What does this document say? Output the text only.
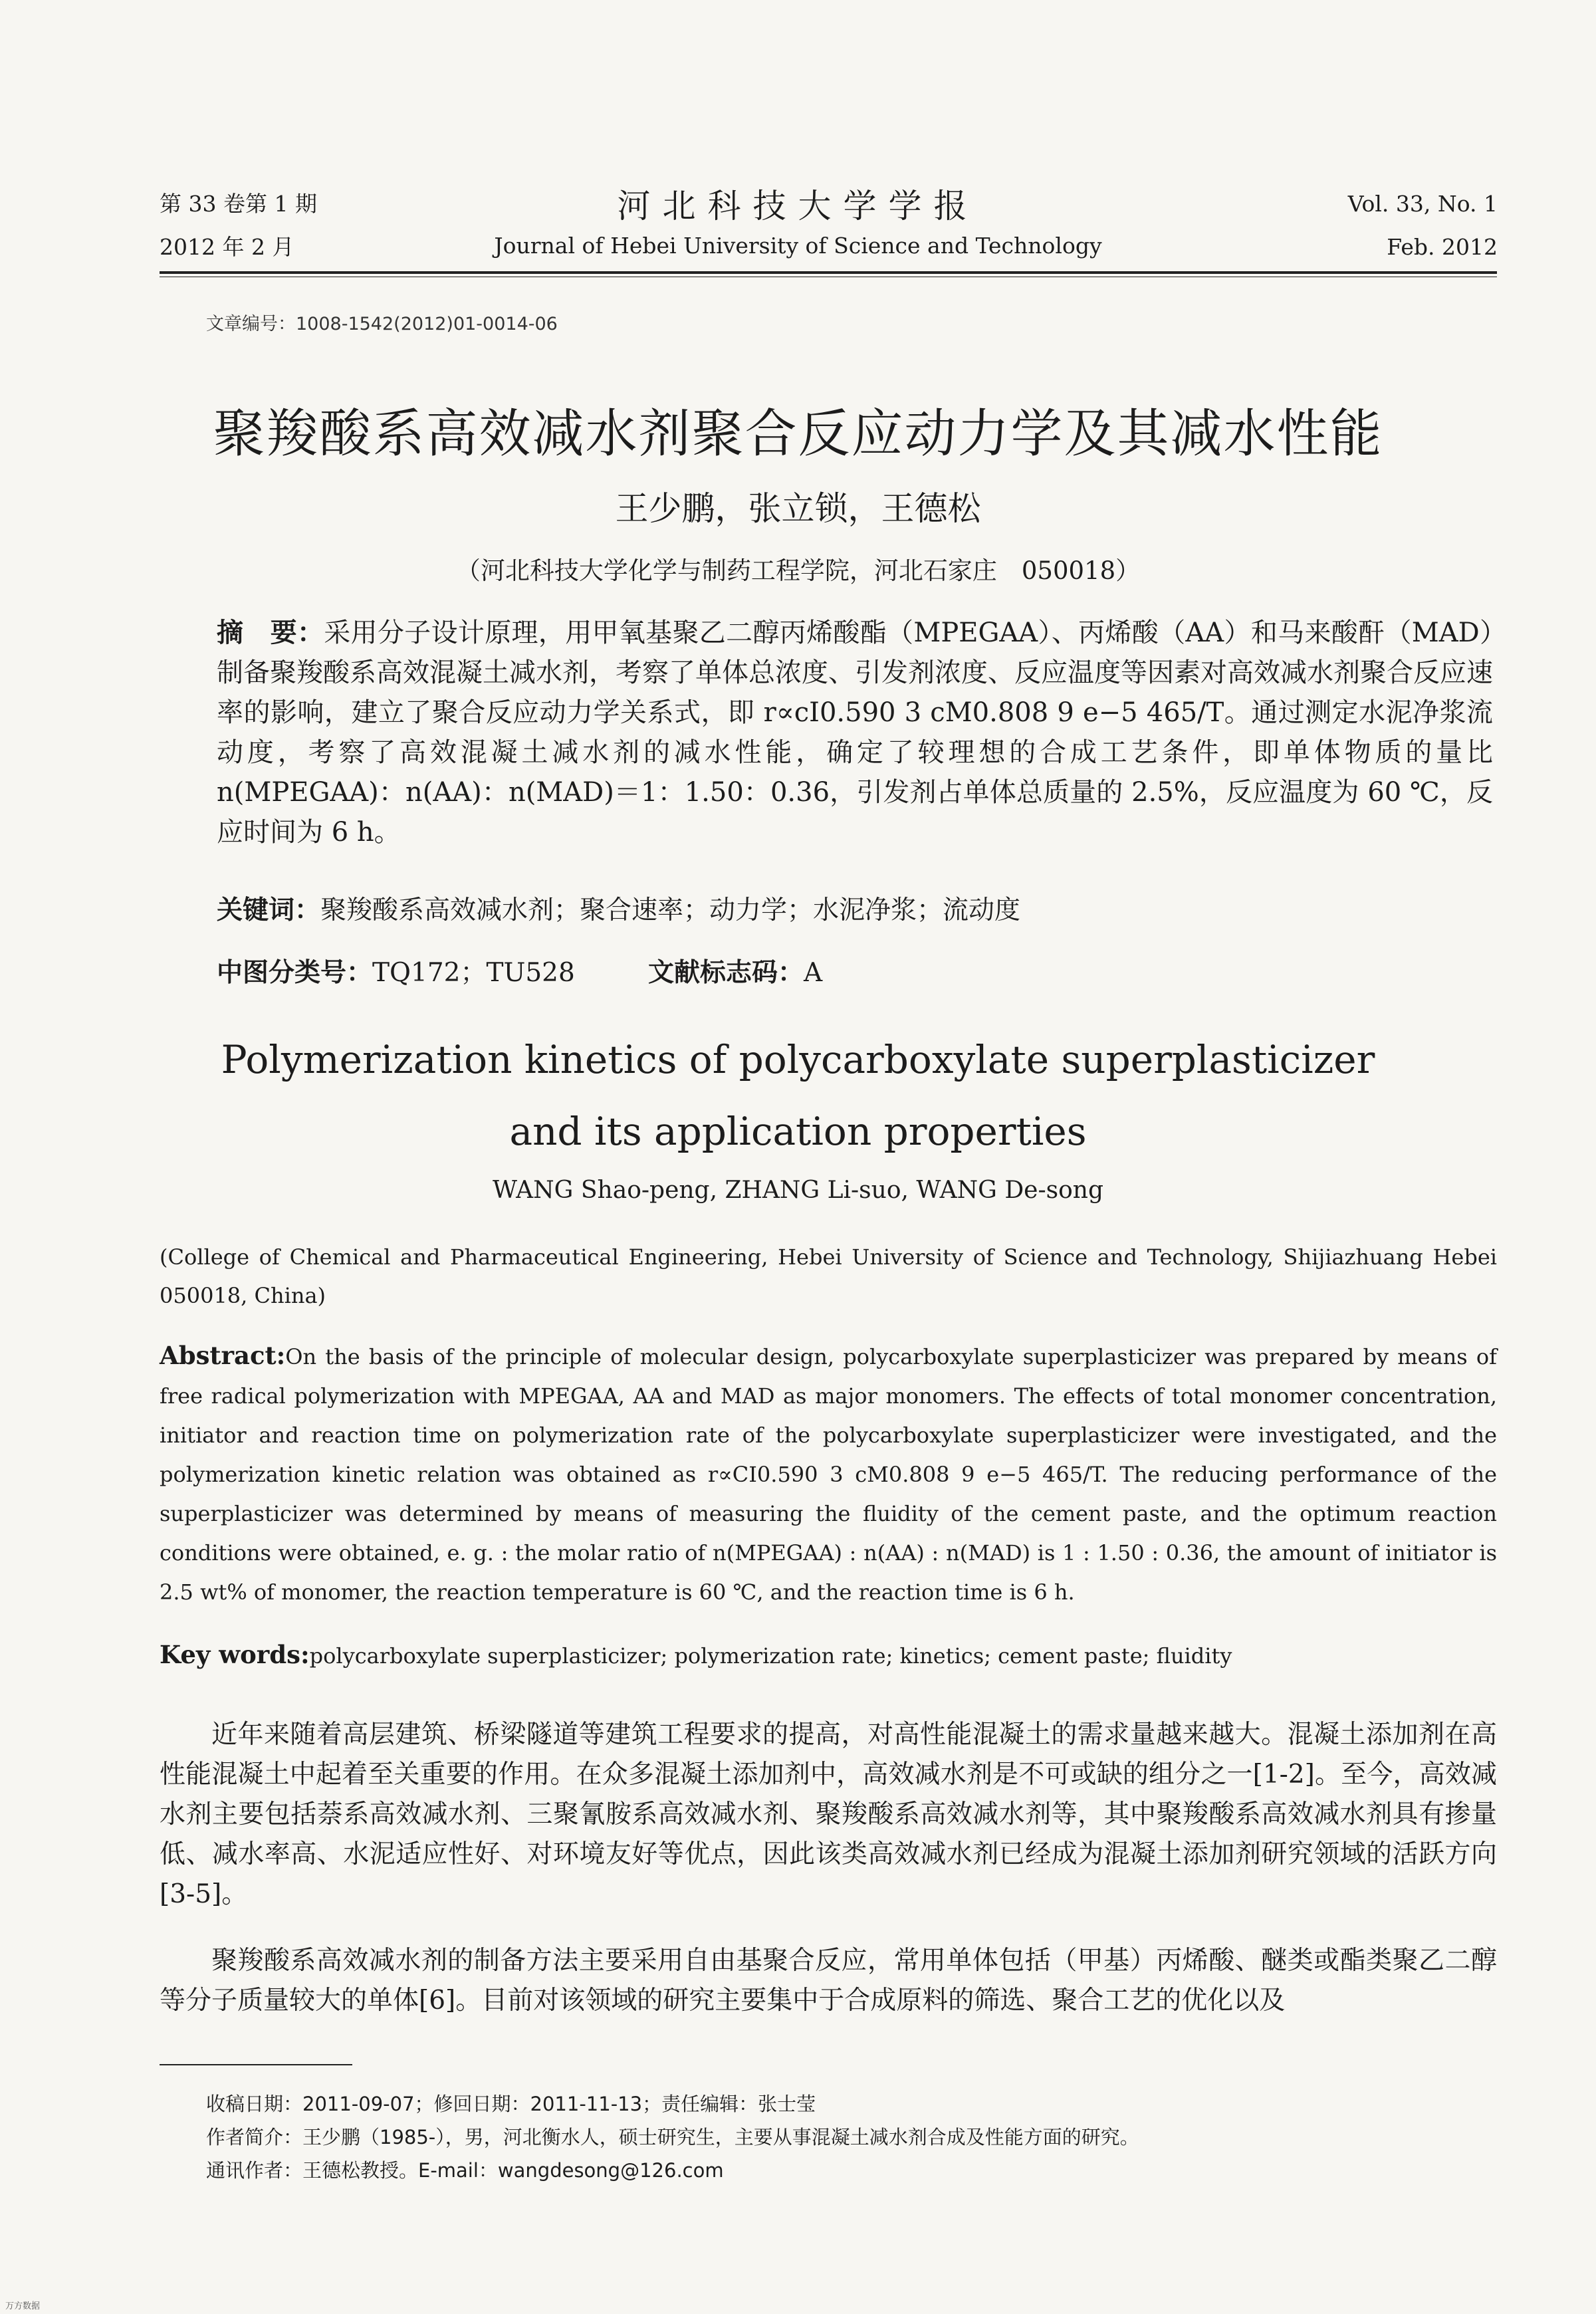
第 33 卷第 1 期
2012 年 2 月
河北科技大学学报
Journal of Hebei University of Science and Technology
Vol. 33, No. 1
Feb. 2012
文章编号：1008-1542(2012)01-0014-06
聚羧酸系高效减水剂聚合反应动力学及其减水性能
王少鹏，张立锁，王德松
（河北科技大学化学与制药工程学院，河北石家庄　050018）
摘　要：采用分子设计原理，用甲氧基聚乙二醇丙烯酸酯（MPEGAA）、丙烯酸（AA）和马来酸酐（MAD）制备聚羧酸系高效混凝土减水剂，考察了单体总浓度、引发剂浓度、反应温度等因素对高效减水剂聚合反应速率的影响，建立了聚合反应动力学关系式，即 r∝cI0.590 3 cM0.808 9 e−5 465/T。通过测定水泥净浆流动度，考察了高效混凝土减水剂的减水性能，确定了较理想的合成工艺条件，即单体物质的量比 n(MPEGAA)：n(AA)：n(MAD)＝1：1.50：0.36，引发剂占单体总质量的 2.5%，反应温度为 60 ℃，反应时间为 6 h。
关键词：聚羧酸系高效减水剂；聚合速率；动力学；水泥净浆；流动度
中图分类号：TQ172；TU528	文献标志码：A
Polymerization kinetics of polycarboxylate superplasticizer
and its application properties
WANG Shao-peng, ZHANG Li-suo, WANG De-song
(College of Chemical and Pharmaceutical Engineering, Hebei University of Science and Technology, Shijiazhuang Hebei 050018, China)
Abstract:On the basis of the principle of molecular design, polycarboxylate superplasticizer was prepared by means of free radical polymerization with MPEGAA, AA and MAD as major monomers. The effects of total monomer concentration, initiator and reaction time on polymerization rate of the polycarboxylate superplasticizer were investigated, and the polymerization kinetic relation was obtained as r∝CI0.590 3 cM0.808 9 e−5 465/T. The reducing performance of the superplasticizer was determined by means of measuring the fluidity of the cement paste, and the optimum reaction conditions were obtained, e. g. : the molar ratio of n(MPEGAA) : n(AA) : n(MAD) is 1 : 1.50 : 0.36, the amount of initiator is 2.5 wt% of monomer, the reaction temperature is 60 ℃, and the reaction time is 6 h.
Key words:polycarboxylate superplasticizer; polymerization rate; kinetics; cement paste; fluidity
近年来随着高层建筑、桥梁隧道等建筑工程要求的提高，对高性能混凝土的需求量越来越大。混凝土添加剂在高性能混凝土中起着至关重要的作用。在众多混凝土添加剂中，高效减水剂是不可或缺的组分之一[1-2]。至今，高效减水剂主要包括萘系高效减水剂、三聚氰胺系高效减水剂、聚羧酸系高效减水剂等，其中聚羧酸系高效减水剂具有掺量低、减水率高、水泥适应性好、对环境友好等优点，因此该类高效减水剂已经成为混凝土添加剂研究领域的活跃方向[3-5]。
聚羧酸系高效减水剂的制备方法主要采用自由基聚合反应，常用单体包括（甲基）丙烯酸、醚类或酯类聚乙二醇等分子质量较大的单体[6]。目前对该领域的研究主要集中于合成原料的筛选、聚合工艺的优化以及
收稿日期：2011-09-07；修回日期：2011-11-13；责任编辑：张士莹
作者简介：王少鹏（1985-），男，河北衡水人，硕士研究生，主要从事混凝土减水剂合成及性能方面的研究。
通讯作者：王德松教授。E-mail：wangdesong@126.com
万方数据
